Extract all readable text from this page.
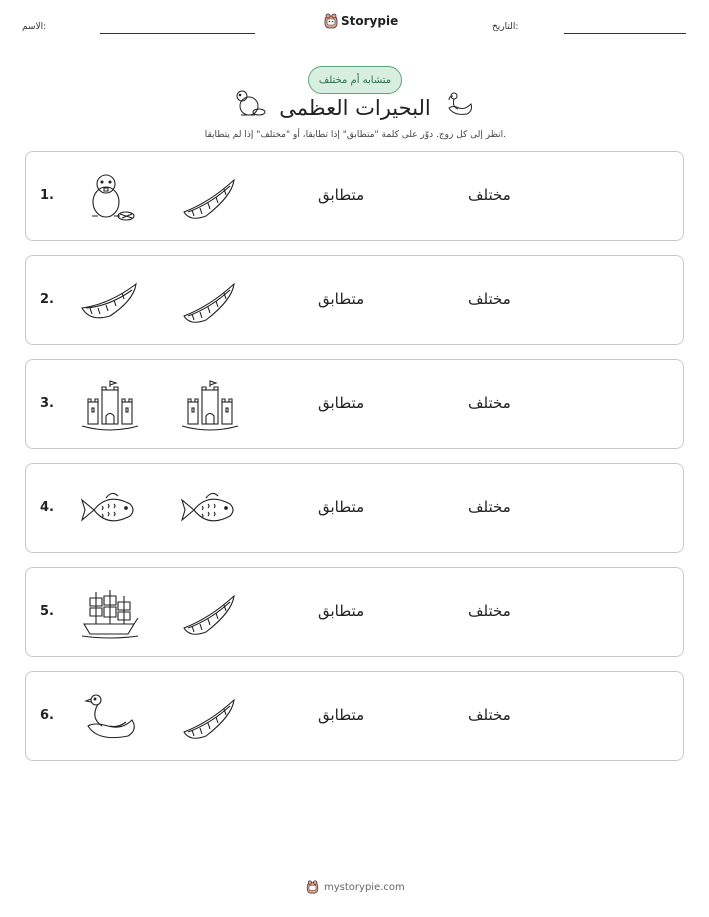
الاسم:	Storypie	التاريخ:
متشابه أم مختلف
البحيرات العظمى
انظر إلى كل زوج. دوّر على كلمة "متطابق" إذا تطابقا، أو "مختلف" إذا لم يتطابقا.
1.	متطابق	مختلف
2.	متطابق	مختلف
3.	متطابق	مختلف
4.	متطابق	مختلف
5.	متطابق	مختلف
6.	متطابق	مختلف
mystorypie.com
